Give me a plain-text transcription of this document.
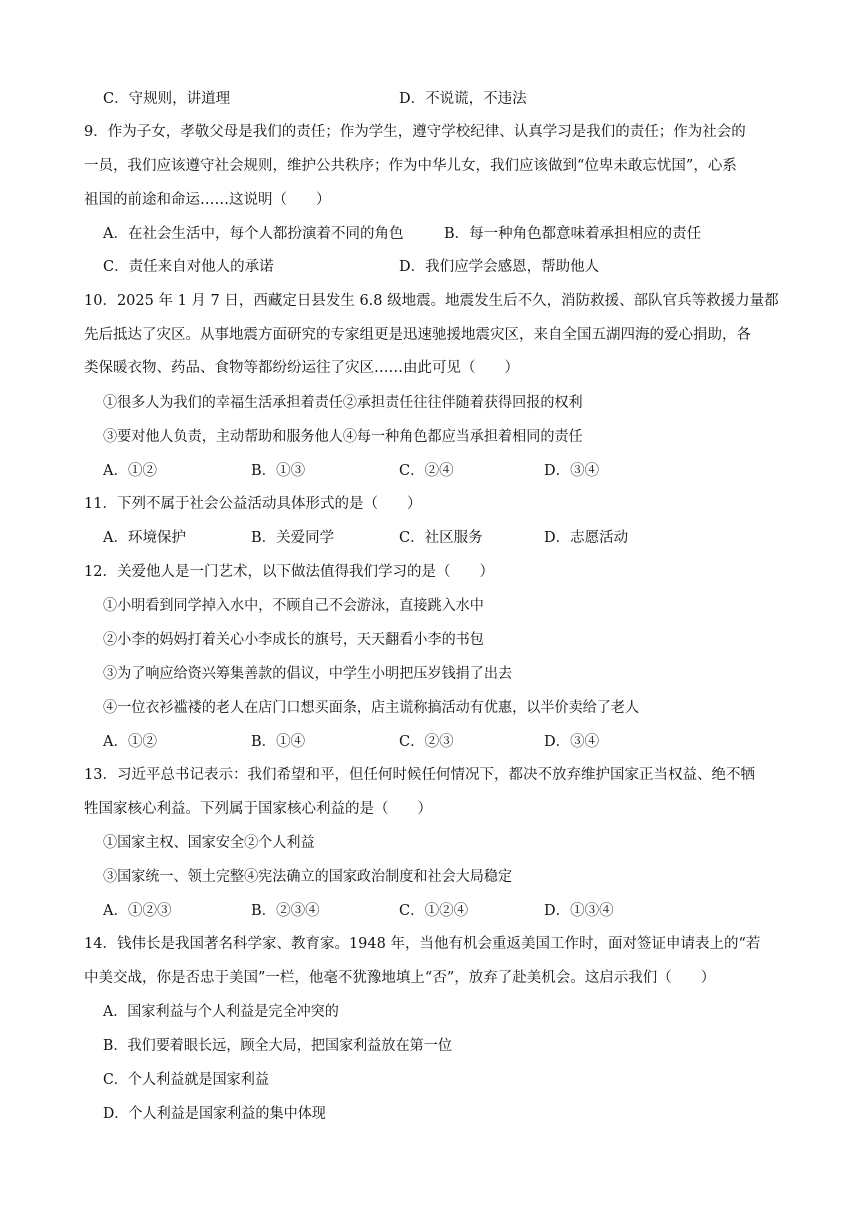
C．守规则，讲道理	D．不说谎，不违法
9．作为子女，孝敬父母是我们的责任；作为学生，遵守学校纪律、认真学习是我们的责任；作为社会的
一员，我们应该遵守社会规则，维护公共秩序；作为中华儿女，我们应该做到“位卑未敢忘忧国”，心系
祖国的前途和命运……这说明（　　）
A．在社会生活中，每个人都扮演着不同的角色	B．每一种角色都意味着承担相应的责任
C．责任来自对他人的承诺	D．我们应学会感恩，帮助他人
10．2025 年 1 月 7 日，西藏定日县发生 6.8 级地震。地震发生后不久，消防救援、部队官兵等救援力量都
先后抵达了灾区。从事地震方面研究的专家组更是迅速驰援地震灾区，来自全国五湖四海的爱心捐助，各
类保暖衣物、药品、食物等都纷纷运往了灾区……由此可见（　　）
①很多人为我们的幸福生活承担着责任②承担责任往往伴随着获得回报的权利
③要对他人负责，主动帮助和服务他人④每一种角色都应当承担着相同的责任
A．①②	B．①③	C．②④	D．③④
11．下列不属于社会公益活动具体形式的是（　　）
A．环境保护	B．关爱同学	C．社区服务	D．志愿活动
12．关爱他人是一门艺术，以下做法值得我们学习的是（　　）
①小明看到同学掉入水中，不顾自己不会游泳，直接跳入水中
②小李的妈妈打着关心小李成长的旗号，天天翻看小李的书包
③为了响应给资兴筹集善款的倡议，中学生小明把压岁钱捐了出去
④一位衣衫褴褛的老人在店门口想买面条，店主谎称搞活动有优惠，以半价卖给了老人
A．①②	B．①④	C．②③	D．③④
13．习近平总书记表示：我们希望和平，但任何时候任何情况下，都决不放弃维护国家正当权益、绝不牺
牲国家核心利益。下列属于国家核心利益的是（　　）
①国家主权、国家安全②个人利益
③国家统一、领土完整④宪法确立的国家政治制度和社会大局稳定
A．①②③	B．②③④	C．①②④	D．①③④
14．钱伟长是我国著名科学家、教育家。1948 年，当他有机会重返美国工作时，面对签证申请表上的“若
中美交战，你是否忠于美国”一栏，他毫不犹豫地填上“否”，放弃了赴美机会。这启示我们（　　）
A．国家利益与个人利益是完全冲突的
B．我们要着眼长远，顾全大局，把国家利益放在第一位
C．个人利益就是国家利益
D．个人利益是国家利益的集中体现
